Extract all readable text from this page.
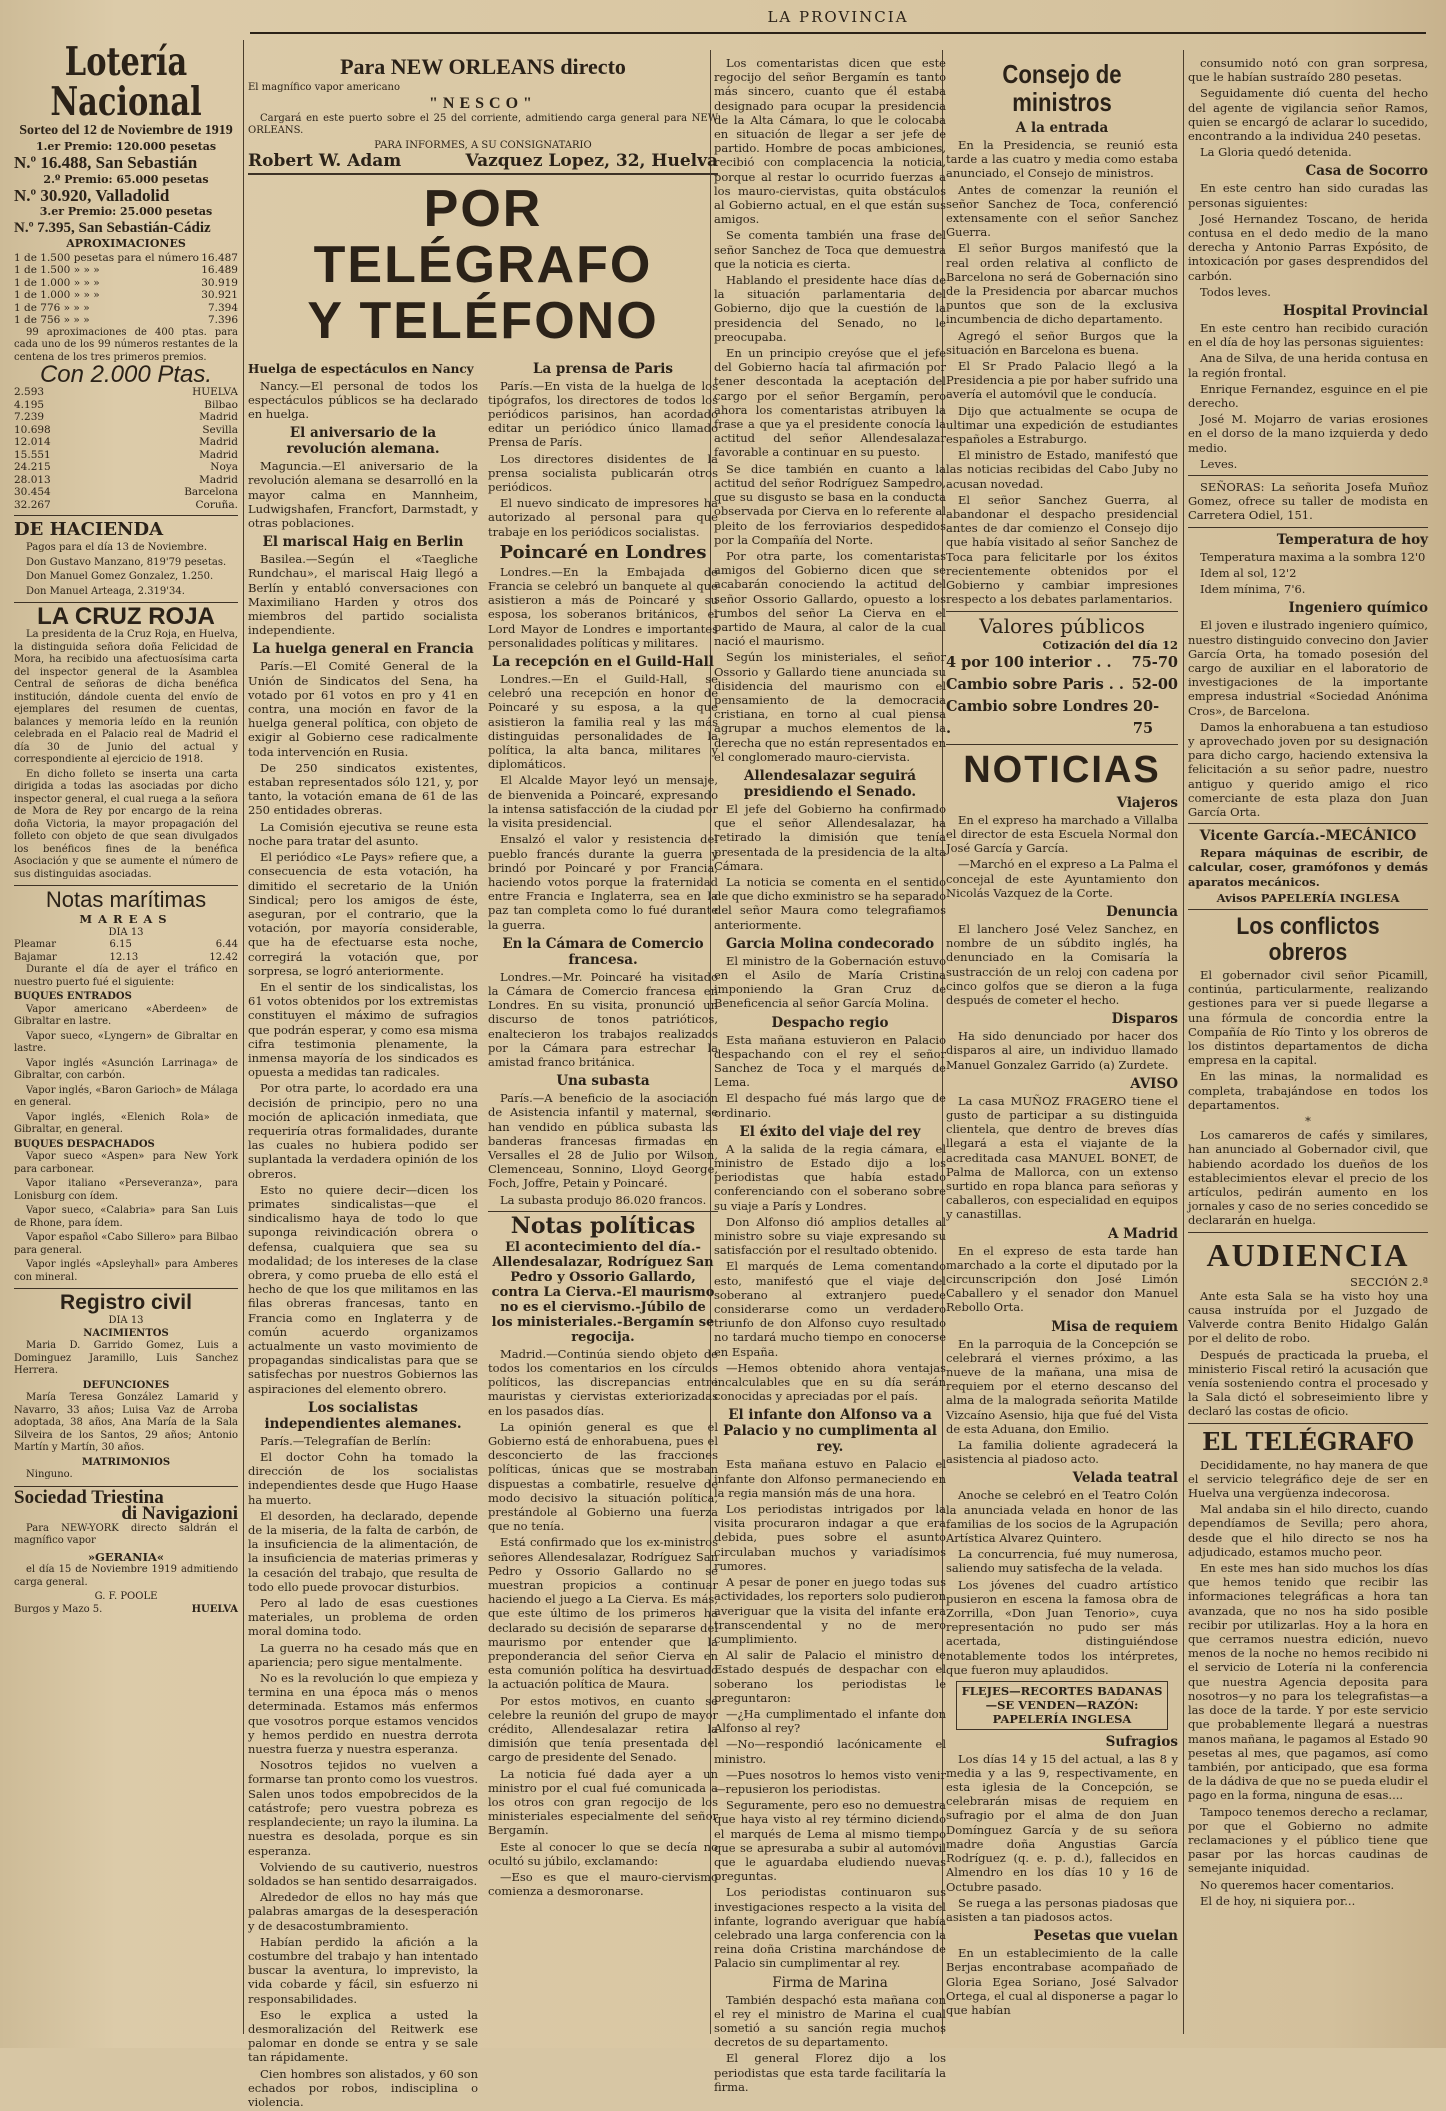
LA PROVINCIA
Lotería Nacional
Sorteo del 12 de Noviembre de 1919
1.er Premio: 120.000 pesetas
N.º 16.488, San Sebastián
2.º Premio: 65.000 pesetas
N.º 30.920, Valladolid
3.er Premio: 25.000 pesetas
N.º 7.395, San Sebastián-Cádiz
APROXIMACIONES
1 de 1.500 pesetas para el número	16.487
1 de 1.500 » » »	16.489
1 de 1.000 » » »	30.919
1 de 1.000 » » »	30.921
1 de 776 » » »	7.394
1 de 756 » » »	7.396

99 aproximaciones de 400 ptas. para cada uno de los 99 números restantes de la centena de los tres primeros premios.

Con 2.000 Ptas.
2.593	HUELVA
4.195	Bilbao
7.239	Madrid
10.698	Sevilla
12.014	Madrid
15.551	Madrid
24.215	Noya
28.013	Madrid
30.454	Barcelona
32.267	Coruña.
DE HACIENDA

Pagos para el día 13 de Noviembre.

Don Gustavo Manzano, 819'79 pesetas.

Don Manuel Gomez Gonzalez, 1.250.

Don Manuel Arteaga, 2.319'34.

LA CRUZ ROJA

La presidenta de la Cruz Roja, en Huelva, la distinguida señora doña Felicidad de Mora, ha recibido una afectuosísima carta del inspector general de la Asamblea Central de señoras de dicha benéfica institución, dándole cuenta del envío de ejemplares del resumen de cuentas, balances y memoria leído en la reunión celebrada en el Palacio real de Madrid el día 30 de Junio del actual y correspondiente al ejercicio de 1918.

En dicho folleto se inserta una carta dirigida a todas las asociadas por dicho inspector general, el cual ruega a la señora de Mora de Rey por encargo de la reina doña Victoria, la mayor propagación del folleto con objeto de que sean divulgados los benéficos fines de la benéfica Asociación y que se aumente el número de sus distinguidas asociadas.

Notas marítimas
MAREAS
DIA 13
Pleamar	6.15	6.44
Bajamar	12.13	12.42

Durante el día de ayer el tráfico en nuestro puerto fué el siguiente:

BUQUES ENTRADOS

Vapor americano «Aberdeen» de Gibraltar en lastre.

Vapor sueco, «Lyngern» de Gibraltar en lastre.

Vapor inglés «Asunción Larrinaga» de Gibraltar, con carbón.

Vapor inglés, «Baron Garioch» de Málaga en general.

Vapor inglés, «Elenich Rola» de Gibraltar, en general.

BUQUES DESPACHADOS

Vapor sueco «Aspen» para New York para carbonear.

Vapor italiano «Perseveranza», para Lonisburg con ídem.

Vapor sueco, «Calabria» para San Luis de Rhone, para ídem.

Vapor español «Cabo Sillero» para Bilbao para general.

Vapor inglés «Apsleyhall» para Amberes con mineral.

Registro civil
DIA 13
NACIMIENTOS

Maria D. Garrido Gomez, Luis a Dominguez Jaramillo, Luis Sanchez Herrera.

DEFUNCIONES

María Teresa González Lamarid y Navarro, 33 años; Luisa Vaz de Arroba adoptada, 38 años, Ana María de la Sala Silveira de los Santos, 29 años; Antonio Martín y Martín, 30 años.

MATRIMONIOS

Ninguno.

Sociedad Triestina
di Navigazioni

Para NEW-YORK directo saldrán el magnífico vapor

»GERANIA«

el día 15 de Noviembre 1919 admitiendo carga general.

G. F. POOLE
Burgos y Mazo 5.	HUELVA
Para NEW ORLEANS directo
El magnífico vapor americano
"NESCO"

Cargará en este puerto sobre el 25 del corriente, admitiendo carga general para NEW ORLEANS.

PARA INFORMES, A SU CONSIGNATARIO
Robert W. Adam	Vazquez Lopez, 32, Huelva
POR TELÉGRAFO
Y TELÉFONO
Huelga de espectáculos en Nancy

Nancy.—El personal de todos los espectáculos públicos se ha declarado en huelga.

El aniversario de la revolución alemana.

Maguncia.—El aniversario de la revolución alemana se desarrolló en la mayor calma en Mannheim, Ludwigshafen, Francfort, Darmstadt, y otras poblaciones.

El mariscal Haig en Berlin

Basilea.—Según el «Taegliche Rundchau», el mariscal Haig llegó a Berlín y entabló conversaciones con Maximiliano Harden y otros dos miembros del partido socialista independiente.

La huelga general en Francia

París.—El Comité General de la Unión de Sindicatos del Sena, ha votado por 61 votos en pro y 41 en contra, una moción en favor de la huelga general política, con objeto de exigir al Gobierno cese radicalmente toda intervención en Rusia.

De 250 sindicatos existentes, estaban representados sólo 121, y, por tanto, la votación emana de 61 de las 250 entidades obreras.

La Comisión ejecutiva se reune esta noche para tratar del asunto.

El periódico «Le Pays» refiere que, a consecuencia de esta votación, ha dimitido el secretario de la Unión Sindical; pero los amigos de éste, aseguran, por el contrario, que la votación, por mayoría considerable, que ha de efectuarse esta noche, corregirá la votación que, por sorpresa, se logró anteriormente.

En el sentir de los sindicalistas, los 61 votos obtenidos por los extremistas constituyen el máximo de sufragios que podrán esperar, y como esa misma cifra testimonia plenamente, la inmensa mayoría de los sindicados es opuesta a medidas tan radicales.

Por otra parte, lo acordado era una decisión de principio, pero no una moción de aplicación inmediata, que requeriría otras formalidades, durante las cuales no hubiera podido ser suplantada la verdadera opinión de los obreros.

Esto no quiere decir—dicen los primates sindicalistas—que el sindicalismo haya de todo lo que suponga reivindicación obrera o defensa, cualquiera que sea su modalidad; de los intereses de la clase obrera, y como prueba de ello está el hecho de que los que militamos en las filas obreras francesas, tanto en Francia como en Inglaterra y de común acuerdo organizamos actualmente un vasto movimiento de propagandas sindicalistas para que se satisfechas por nuestros Gobiernos las aspiraciones del elemento obrero.

Los socialistas independientes alemanes.

París.—Telegrafían de Berlín:

El doctor Cohn ha tomado la dirección de los socialistas independientes desde que Hugo Haase ha muerto.

El desorden, ha declarado, depende de la miseria, de la falta de carbón, de la insuficiencia de la alimentación, de la insuficiencia de materias primeras y la cesación del trabajo, que resulta de todo ello puede provocar disturbios.

Pero al lado de esas cuestiones materiales, un problema de orden moral domina todo.

La guerra no ha cesado más que en apariencia; pero sigue mentalmente.

No es la revolución lo que empieza y termina en una época más o menos determinada. Estamos más enfermos que vosotros porque estamos vencidos y hemos perdido en nuestra derrota nuestra fuerza y nuestra esperanza.

Nosotros tejidos no vuelven a formarse tan pronto como los vuestros. Salen unos todos empobrecidos de la catástrofe; pero vuestra pobreza es resplandeciente; un rayo la ilumina. La nuestra es desolada, porque es sin esperanza.

Volviendo de su cautiverio, nuestros soldados se han sentido desarraigados.

Alrededor de ellos no hay más que palabras amargas de la desesperación y de desacostumbramiento.

Habían perdido la afición a la costumbre del trabajo y han intentado buscar la aventura, lo imprevisto, la vida cobarde y fácil, sin esfuerzo ni responsabilidades.

Eso le explica a usted la desmoralización del Reitwerk ese palomar en donde se entra y se sale tan rápidamente.

Cien hombres son alistados, y 60 son echados por robos, indisciplina o violencia.

La prensa de Paris

París.—En vista de la huelga de los tipógrafos, los directores de todos los periódicos parisinos, han acordado editar un periódico único llamado Prensa de París.

Los directores disidentes de la prensa socialista publicarán otros periódicos.

El nuevo sindicato de impresores ha autorizado al personal para que trabaje en los periódicos socialistas.

Poincaré en Londres

Londres.—En la Embajada de Francia se celebró un banquete al que asistieron a más de Poincaré y su esposa, los soberanos británicos, el Lord Mayor de Londres e importantes personalidades políticas y militares.

La recepción en el Guild-Hall

Londres.—En el Guild-Hall, se celebró una recepción en honor de Poincaré y su esposa, a la que asistieron la familia real y las más distinguidas personalidades de la política, la alta banca, militares y diplomáticos.

El Alcalde Mayor leyó un mensaje, de bienvenida a Poincaré, expresando la intensa satisfacción de la ciudad por la visita presidencial.

Ensalzó el valor y resistencia del pueblo francés durante la guerra y brindó por Poincaré y por Francia, haciendo votos porque la fraternidad entre Francia e Inglaterra, sea en la paz tan completa como lo fué durante la guerra.

En la Cámara de Comercio francesa.

Londres.—Mr. Poincaré ha visitado la Cámara de Comercio francesa en Londres. En su visita, pronunció un discurso de tonos patrióticos, enaltecieron los trabajos realizados por la Cámara para estrechar la amistad franco británica.

Una subasta

París.—A beneficio de la asociación de Asistencia infantil y maternal, se han vendido en pública subasta las banderas francesas firmadas en Versalles el 28 de Julio por Wilson, Clemenceau, Sonnino, Lloyd George, Foch, Joffre, Petain y Poincaré.

La subasta produjo 86.020 francos.

Notas políticas
El acontecimiento del día.-Allendesalazar, Rodríguez San Pedro y Ossorio Gallardo, contra La Cierva.-El maurismo no es el ciervismo.-Júbilo de los ministeriales.-Bergamín se regocija.

Madrid.—Continúa siendo objeto de todos los comentarios en los círculos políticos, las discrepancias entre mauristas y ciervistas exteriorizadas en los pasados días.

La opinión general es que el Gobierno está de enhorabuena, pues el desconcierto de las fracciones políticas, únicas que se mostraban dispuestas a combatirle, resuelve de modo decisivo la situación política, prestándole al Gobierno una fuerza que no tenía.

Está confirmado que los ex-ministros señores Allendesalazar, Rodríguez San Pedro y Ossorio Gallardo no se muestran propicios a continuar haciendo el juego a La Cierva. Es más, que este último de los primeros ha declarado su decisión de separarse del maurismo por entender que la preponderancia del señor Cierva en esta comunión política ha desvirtuado la actuación política de Maura.

Por estos motivos, en cuanto se celebre la reunión del grupo de mayor crédito, Allendesalazar retira la dimisión que tenía presentada del cargo de presidente del Senado.

La noticia fué dada ayer a un ministro por el cual fué comunicada a los otros con gran regocijo de los ministeriales especialmente del señor Bergamín.

Este al conocer lo que se decía no ocultó su júbilo, exclamando:

—Eso es que el mauro-ciervismo comienza a desmoronarse.

Los comentaristas dicen que este regocijo del señor Bergamín es tanto más sincero, cuanto que él estaba designado para ocupar la presidencia de la Alta Cámara, lo que le colocaba en situación de llegar a ser jefe de partido. Hombre de pocas ambiciones, recibió con complacencia la noticia, porque al restar lo ocurrido fuerzas a los mauro-ciervistas, quita obstáculos al Gobierno actual, en el que están sus amigos.

Se comenta también una frase del señor Sanchez de Toca que demuestra que la noticia es cierta.

Hablando el presidente hace días de la situación parlamentaria del Gobierno, dijo que la cuestión de la presidencia del Senado, no le preocupaba.

En un principio creyóse que el jefe del Gobierno hacía tal afirmación por tener descontada la aceptación del cargo por el señor Bergamín, pero ahora los comentaristas atribuyen la frase a que ya el presidente conocía la actitud del señor Allendesalazar favorable a continuar en su puesto.

Se dice también en cuanto a la actitud del señor Rodríguez Sampedro, que su disgusto se basa en la conducta observada por Cierva en lo referente al pleito de los ferroviarios despedidos por la Compañía del Norte.

Por otra parte, los comentaristas amigos del Gobierno dicen que se acabarán conociendo la actitud del señor Ossorio Gallardo, opuesto a los rumbos del señor La Cierva en el partido de Maura, al calor de la cual nació el maurismo.

Según los ministeriales, el señor Ossorio y Gallardo tiene anunciada su disidencia del maurismo con el pensamiento de la democracia cristiana, en torno al cual piensa agrupar a muchos elementos de la derecha que no están representados en el conglomerado mauro-ciervista.

Allendesalazar seguirá presidiendo el Senado.

El jefe del Gobierno ha confirmado que el señor Allendesalazar, ha retirado la dimisión que tenía presentada de la presidencia de la alta Cámara.

La noticia se comenta en el sentido de que dicho exministro se ha separado del señor Maura como telegrafiamos anteriormente.

Garcia Molina condecorado

El ministro de la Gobernación estuvo en el Asilo de María Cristina imponiendo la Gran Cruz de Beneficencia al señor García Molina.

Despacho regio

Esta mañana estuvieron en Palacio despachando con el rey el señor Sanchez de Toca y el marqués de Lema.

El despacho fué más largo que de ordinario.

El éxito del viaje del rey

A la salida de la regia cámara, el ministro de Estado dijo a los periodistas que había estado conferenciando con el soberano sobre su viaje a París y Londres.

Don Alfonso dió amplios detalles al ministro sobre su viaje expresando su satisfacción por el resultado obtenido.

El marqués de Lema comentando esto, manifestó que el viaje del soberano al extranjero puede considerarse como un verdadero triunfo de don Alfonso cuyo resultado no tardará mucho tiempo en conocerse en España.

—Hemos obtenido ahora ventajas incalculables que en su día serán conocidas y apreciadas por el país.

El infante don Alfonso va a Palacio y no cumplimenta al rey.

Esta mañana estuvo en Palacio el infante don Alfonso permaneciendo en la regia mansión más de una hora.

Los periodistas intrigados por la visita procuraron indagar a que era debida, pues sobre el asunto circulaban muchos y variadísimos rumores.

A pesar de poner en juego todas sus actividades, los reporters solo pudieron averiguar que la visita del infante era transcendental y no de mero cumplimiento.

Al salir de Palacio el ministro de Estado después de despachar con el soberano los periodistas le preguntaron:

—¿Ha cumplimentado el infante don Alfonso al rey?

—No—respondió lacónicamente el ministro.

—Pues nosotros lo hemos visto venir—repusieron los periodistas.

Seguramente, pero eso no demuestra que haya visto al rey término diciendo el marqués de Lema al mismo tiempo que se apresuraba a subir al automóvil que le aguardaba eludiendo nuevas preguntas.

Los periodistas continuaron sus investigaciones respecto a la visita del infante, logrando averiguar que había celebrado una larga conferencia con la reina doña Cristina marchándose de Palacio sin cumplimentar al rey.

Firma de Marina

También despachó esta mañana con el rey el ministro de Marina el cual sometió a su sanción regia muchos decretos de su departamento.

El general Florez dijo a los periodistas que esta tarde facilitaría la firma.

Consejo de ministros
A la entrada

En la Presidencia, se reunió esta tarde a las cuatro y media como estaba anunciado, el Consejo de ministros.

Antes de comenzar la reunión el señor Sanchez de Toca, conferenció extensamente con el señor Sanchez Guerra.

El señor Burgos manifestó que la real orden relativa al conflicto de Barcelona no será de Gobernación sino de la Presidencia por abarcar muchos puntos que son de la exclusiva incumbencia de dicho departamento.

Agregó el señor Burgos que la situación en Barcelona es buena.

El Sr Prado Palacio llegó a la Presidencia a pie por haber sufrido una avería el automóvil que le conducía.

Dijo que actualmente se ocupa de ultimar una expedición de estudiantes españoles a Estraburgo.

El ministro de Estado, manifestó que las noticias recibidas del Cabo Juby no acusan novedad.

El señor Sanchez Guerra, al abandonar el despacho presidencial antes de dar comienzo el Consejo dijo que había visitado al señor Sanchez de Toca para felicitarle por los éxitos recientemente obtenidos por el Gobierno y cambiar impresiones respecto a los debates parlamentarios.

Valores públicos
Cotización del día 12
4 por 100 interior . . 75-70
Cambio sobre Paris . . 52-00
Cambio sobre Londres .
20-75
NOTICIAS
Viajeros

En el expreso ha marchado a Villalba el director de esta Escuela Normal don José García y García.

—Marchó en el expreso a La Palma el concejal de este Ayuntamiento don Nicolás Vazquez de la Corte.

Denuncia

El lanchero José Velez Sanchez, en nombre de un súbdito inglés, ha denunciado en la Comisaría la sustracción de un reloj con cadena por cinco golfos que se dieron a la fuga después de cometer el hecho.

Disparos

Ha sido denunciado por hacer dos disparos al aire, un individuo llamado Manuel Gonzalez Garrido (a) Zurdete.

AVISO

La casa MUÑOZ FRAGERO tiene el gusto de participar a su distinguida clientela, que dentro de breves días llegará a esta el viajante de la acreditada casa MANUEL BONET, de Palma de Mallorca, con un extenso surtido en ropa blanca para señoras y caballeros, con especialidad en equipos y canastillas.

A Madrid

En el expreso de esta tarde han marchado a la corte el diputado por la circunscripción don José Limón Caballero y el senador don Manuel Rebollo Orta.

Misa de requiem

En la parroquia de la Concepción se celebrará el viernes próximo, a las nueve de la mañana, una misa de requiem por el eterno descanso del alma de la malograda señorita Matilde Vizcaíno Asensio, hija que fué del Vista de esta Aduana, don Emilio.

La familia doliente agradecerá la asistencia al piadoso acto.

Velada teatral

Anoche se celebró en el Teatro Colón la anunciada velada en honor de las familias de los socios de la Agrupación Artística Alvarez Quintero.

La concurrencia, fué muy numerosa, saliendo muy satisfecha de la velada.

Los jóvenes del cuadro artístico pusieron en escena la famosa obra de Zorrilla, «Don Juan Tenorio», cuya representación no pudo ser más acertada, distinguiéndose notablemente todos los intérpretes, que fueron muy aplaudidos.

FLEJES—RECORTES BADANAS—SE VENDEN—RAZÓN: PAPELERÍA INGLESA
Sufragios

Los días 14 y 15 del actual, a las 8 y media y a las 9, respectivamente, en esta iglesia de la Concepción, se celebrarán misas de requiem en sufragio por el alma de don Juan Domínguez García y de su señora madre doña Angustias García Rodríguez (q. e. p. d.), fallecidos en Almendro en los días 10 y 16 de Octubre pasado.

Se ruega a las personas piadosas que asisten a tan piadosos actos.

Pesetas que vuelan

En un establecimiento de la calle Berjas encontrabase acompañado de Gloria Egea Soriano, José Salvador Ortega, el cual al disponerse a pagar lo que habían

consumido notó con gran sorpresa, que le habían sustraído 280 pesetas.

Seguidamente dió cuenta del hecho del agente de vigilancia señor Ramos, quien se encargó de aclarar lo sucedido, encontrando a la individua 240 pesetas.

La Gloria quedó detenida.

Casa de Socorro

En este centro han sido curadas las personas siguientes:

José Hernandez Toscano, de herida contusa en el dedo medio de la mano derecha y Antonio Parras Expósito, de intoxicación por gases desprendidos del carbón.

Todos leves.

Hospital Provincial

En este centro han recibido curación en el día de hoy las personas siguientes:

Ana de Silva, de una herida contusa en la región frontal.

Enrique Fernandez, esguince en el pie derecho.

José M. Mojarro de varias erosiones en el dorso de la mano izquierda y dedo medio.

Leves.

SEÑORAS: La señorita Josefa Muñoz Gomez, ofrece su taller de modista en Carretera Odiel, 151.

Temperatura de hoy

Temperatura maxima a la sombra 12'0

Idem al sol, 12'2

Idem mínima, 7'6.

Ingeniero químico

El joven e ilustrado ingeniero químico, nuestro distinguido convecino don Javier García Orta, ha tomado posesión del cargo de auxiliar en el laboratorio de investigaciones de la importante empresa industrial «Sociedad Anónima Cros», de Barcelona.

Damos la enhorabuena a tan estudioso y aprovechado joven por su designación para dicho cargo, haciendo extensiva la felicitación a su señor padre, nuestro antiguo y querido amigo el rico comerciante de esta plaza don Juan García Orta.

Vicente García.-MECÁNICO

Repara máquinas de escribir, de calcular, coser, gramófonos y demás aparatos mecánicos.

Avisos PAPELERÍA INGLESA
Los conflictos obreros

El gobernador civil señor Picamill, continúa, particularmente, realizando gestiones para ver si puede llegarse a una fórmula de concordia entre la Compañía de Río Tinto y los obreros de los distintos departamentos de dicha empresa en la capital.

En las minas, la normalidad es completa, trabajándose en todos los departamentos.

*

Los camareros de cafés y similares, han anunciado al Gobernador civil, que habiendo acordado los dueños de los establecimientos elevar el precio de los artículos, pedirán aumento en los jornales y caso de no series concedido se declararán en huelga.

AUDIENCIA
SECCIÓN 2.ª

Ante esta Sala se ha visto hoy una causa instruída por el Juzgado de Valverde contra Benito Hidalgo Galán por el delito de robo.

Después de practicada la prueba, el ministerio Fiscal retiró la acusación que venía sosteniendo contra el procesado y la Sala dictó el sobreseimiento libre y declaró las costas de oficio.

EL TELÉGRAFO

Decididamente, no hay manera de que el servicio telegráfico deje de ser en Huelva una vergüenza indecorosa.

Mal andaba sin el hilo directo, cuando dependíamos de Sevilla; pero ahora, desde que el hilo directo se nos ha adjudicado, estamos mucho peor.

En este mes han sido muchos los días que hemos tenido que recibir las informaciones telegráficas a hora tan avanzada, que no nos ha sido posible recibir por utilizarlas. Hoy a la hora en que cerramos nuestra edición, nuevo menos de la noche no hemos recibido ni el servicio de Lotería ni la conferencia que nuestra Agencia deposita para nosotros—y no para los telegrafistas—a las doce de la tarde. Y por este servicio que probablemente llegará a nuestras manos mañana, le pagamos al Estado 90 pesetas al mes, que pagamos, así como también, por anticipado, que esa forma de la dádiva de que no se pueda eludir el pago en la forma, ninguna de esas....

Tampoco tenemos derecho a reclamar, por que el Gobierno no admite reclamaciones y el público tiene que pasar por las horcas caudinas de semejante iniquidad.

No queremos hacer comentarios.

El de hoy, ni siquiera por...
